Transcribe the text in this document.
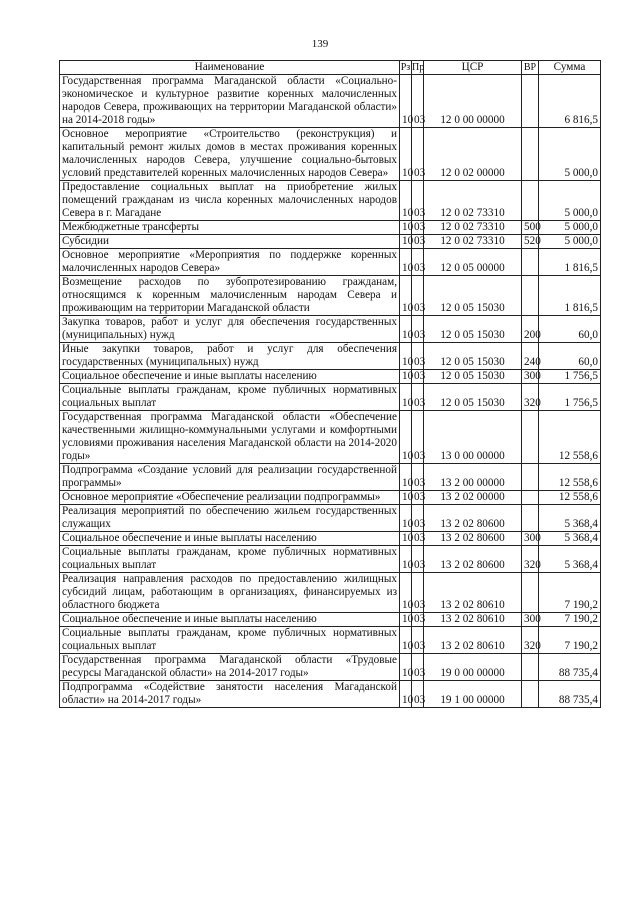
139
Наименование	Рз	Пр	ЦСР	ВР	Сумма
Государственная программа Магаданской области «Социально-экономическое и культурное развитие коренных малочисленных народов Севера, проживающих на территории Магаданской области» на 2014-2018 годы»	10	03	12 0 00 00000		6 816,5
Основное мероприятие «Строительство (реконструкция) и капитальный ремонт жилых домов в местах проживания коренных малочисленных народов Севера, улучшение социально-бытовых условий представителей коренных малочисленных народов Севера»	10	03	12 0 02 00000		5 000,0
Предоставление социальных выплат на приобретение жилых помещений гражданам из числа коренных малочисленных народов Севера в г. Магадане	10	03	12 0 02 73310		5 000,0
Межбюджетные трансферты	10	03	12 0 02 73310	500	5 000,0
Субсидии	10	03	12 0 02 73310	520	5 000,0
Основное мероприятие «Мероприятия по поддержке коренных малочисленных народов Севера»	10	03	12 0 05 00000		1 816,5
Возмещение расходов по зубопротезированию гражданам, относящимся к коренным малочисленным народам Севера и проживающим на территории Магаданской области	10	03	12 0 05 15030		1 816,5
Закупка товаров, работ и услуг для обеспечения государственных (муниципальных) нужд	10	03	12 0 05 15030	200	60,0
Иные закупки товаров, работ и услуг для обеспечения государственных (муниципальных) нужд	10	03	12 0 05 15030	240	60,0
Социальное обеспечение и иные выплаты населению	10	03	12 0 05 15030	300	1 756,5
Социальные выплаты гражданам, кроме публичных нормативных социальных выплат	10	03	12 0 05 15030	320	1 756,5
Государственная программа Магаданской области «Обеспечение качественными жилищно-коммунальными услугами и комфортными условиями проживания населения Магаданской области на 2014-2020 годы»	10	03	13 0 00 00000		12 558,6
Подпрограмма «Создание условий для реализации государственной программы»	10	03	13 2 00 00000		12 558,6
Основное мероприятие «Обеспечение реализации подпрограммы»	10	03	13 2 02 00000		12 558,6
Реализация мероприятий по обеспечению жильем государственных служащих	10	03	13 2 02 80600		5 368,4
Социальное обеспечение и иные выплаты населению	10	03	13 2 02 80600	300	5 368,4
Социальные выплаты гражданам, кроме публичных нормативных социальных выплат	10	03	13 2 02 80600	320	5 368,4
Реализация направления расходов по предоставлению жилищных субсидий лицам, работающим в организациях, финансируемых из областного бюджета	10	03	13 2 02 80610		7 190,2
Социальное обеспечение и иные выплаты населению	10	03	13 2 02 80610	300	7 190,2
Социальные выплаты гражданам, кроме публичных нормативных социальных выплат	10	03	13 2 02 80610	320	7 190,2
Государственная программа Магаданской области «Трудовые ресурсы Магаданской области» на 2014-2017 годы»	10	03	19 0 00 00000		88 735,4
Подпрограмма «Содействие занятости населения Магаданской области» на 2014-2017 годы»	10	03	19 1 00 00000		88 735,4
